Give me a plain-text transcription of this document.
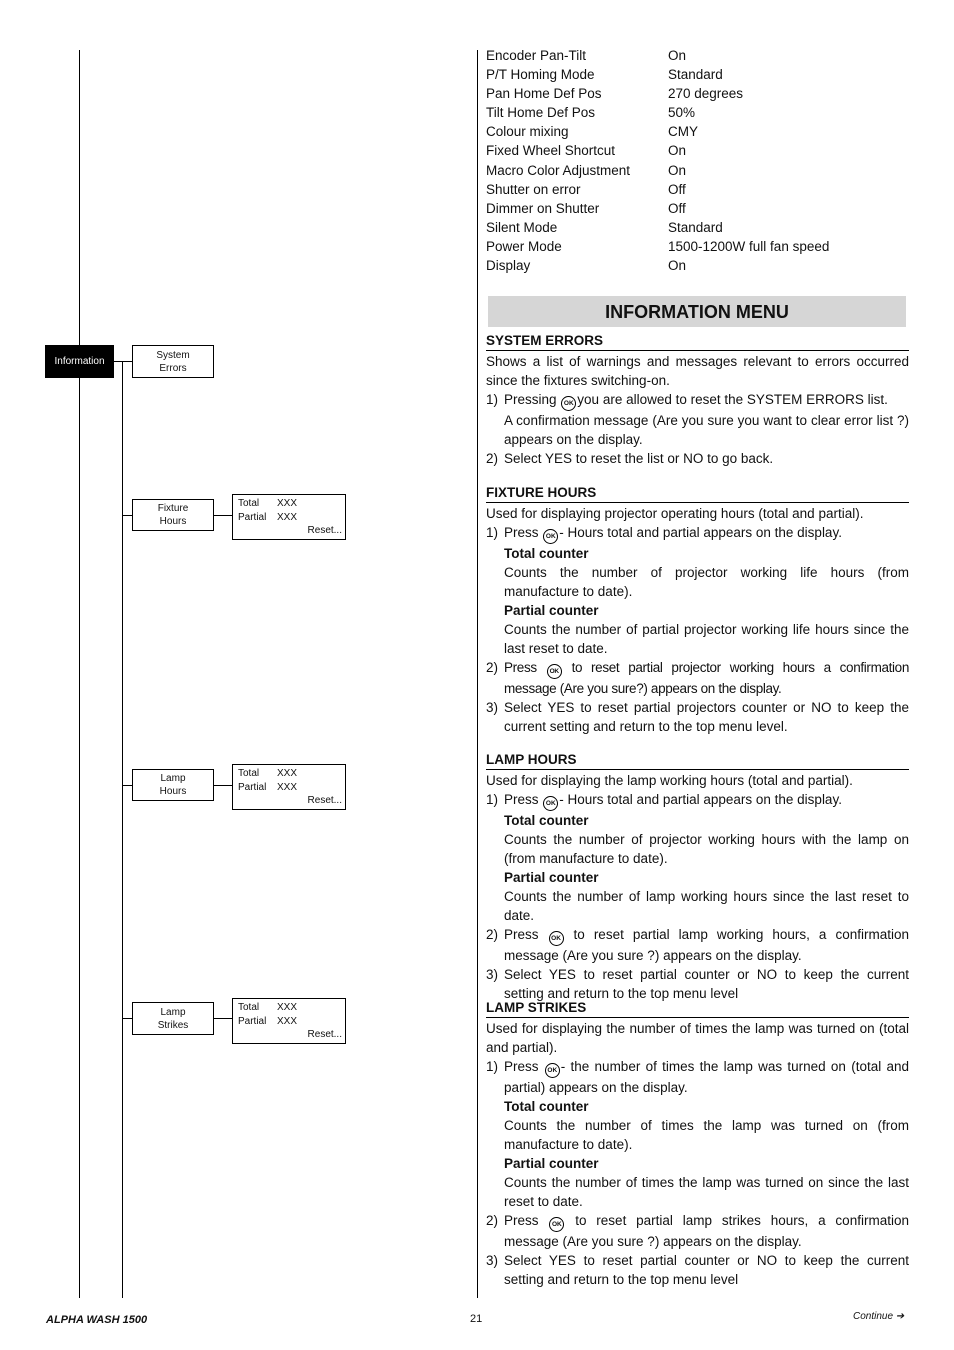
Information
System
Errors
Fixture
Hours
Total XXX
Partial XXX
Reset...
Lamp
Hours
Total XXX
Partial XXX
Reset...
Lamp
Strikes
Total XXX
Partial XXX
Reset...
Encoder Pan-Tilt	On
P/T Homing Mode	Standard
Pan Home Def Pos	270 degrees
Tilt Home Def Pos	50%
Colour mixing	CMY
Fixed Wheel Shortcut	On
Macro Color Adjustment	On
Shutter on error	Off
Dimmer on Shutter	Off
Silent Mode	Standard
Power Mode	1500-1200W full fan speed
Display	On
INFORMATION MENU
SYSTEM ERRORS

Shows a list of warnings and messages relevant to errors occurred since the fixtures switching-on.

1) Pressing OK you are allowed to reset the SYSTEM ERRORS list.

A confirmation message (Are you sure you want to clear error list ?) appears on the display.

2) Select YES to reset the list or NO to go back.
FIXTURE HOURS

Used for displaying projector operating hours (total and partial).

1) Press OK - Hours total and partial appears on the display.

Total counter

Counts the number of projector working life hours (from manufacture to date).

Partial counter

Counts the number of partial projector working life hours since the last reset to date.

2) Press OK to reset partial projector working hours a confirmation message (Are you sure?) appears on the display.
3) Select YES to reset partial projectors counter or NO to keep the current setting and return to the top menu level.
LAMP HOURS

Used for displaying the lamp working hours (total and partial).

1) Press OK - Hours total and partial appears on the display.

Total counter

Counts the number of projector working hours with the lamp on (from manufacture to date).

Partial counter

Counts the number of lamp working hours since the last reset to date.

2) Press OK to reset partial lamp working hours, a confirmation message (Are you sure ?) appears on the display.
3) Select YES to reset partial counter or NO to keep the current setting and return to the top menu level
LAMP STRIKES

Used for displaying the number of times the lamp was turned on (total and partial).

1) Press OK - the number of times the lamp was turned on (total and partial) appears on the display.

Total counter

Counts the number of times the lamp was turned on (from manufacture to date).

Partial counter

Counts the number of times the lamp was turned on since the last reset to date.

2) Press OK to reset partial lamp strikes hours, a confirmation message (Are you sure ?) appears on the display.
3) Select YES to reset partial counter or NO to keep the current setting and return to the top menu level
ALPHA WASH 1500	21	Continue ➔
